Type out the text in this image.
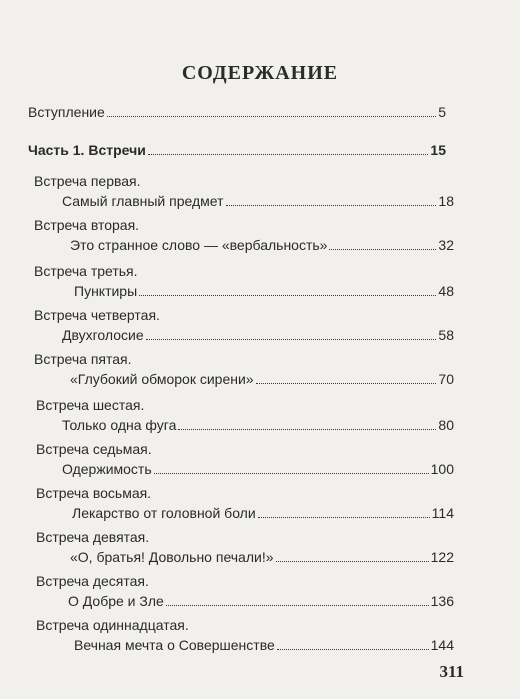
СОДЕРЖАНИЕ
Вступление	5
Часть 1. Встречи	15
Встреча первая.
Самый главный предмет	18
Встреча вторая.
Это странное слово — «вербальность»	32
Встреча третья.
Пунктиры	48
Встреча четвертая.
Двухголосие	58
Встреча пятая.
«Глубокий обморок сирени»	70
Встреча шестая.
Только одна фуга	80
Встреча седьмая.
Одержимость	100
Встреча восьмая.
Лекарство от головной боли	114
Встреча девятая.
«О, братья! Довольно печали!»	122
Встреча десятая.
О Добре и Зле	136
Встреча одиннадцатая.
Вечная мечта о Совершенстве	144
311
